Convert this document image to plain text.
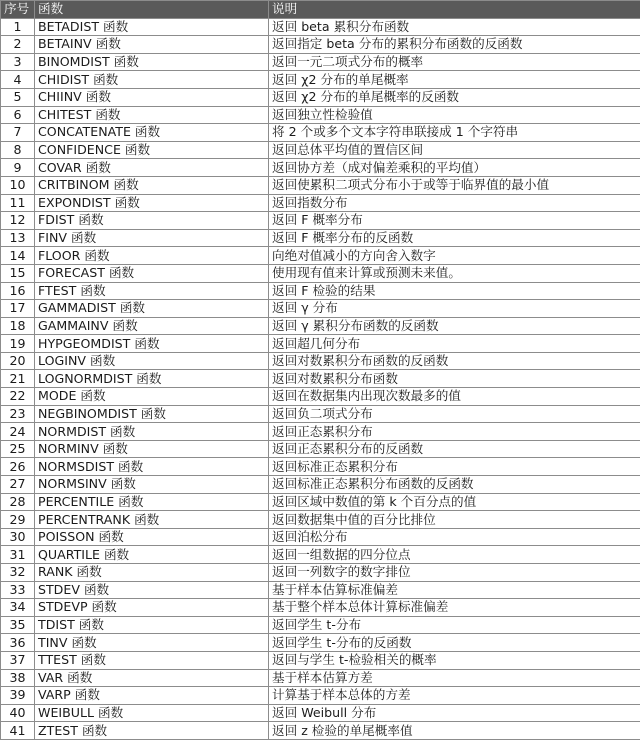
序号	函数	说明
1	BETADIST 函数	返回 beta 累积分布函数
2	BETAINV 函数	返回指定 beta 分布的累积分布函数的反函数
3	BINOMDIST 函数	返回一元二项式分布的概率
4	CHIDIST 函数	返回 χ2 分布的单尾概率
5	CHIINV 函数	返回 χ2 分布的单尾概率的反函数
6	CHITEST 函数	返回独立性检验值
7	CONCATENATE 函数	将 2 个或多个文本字符串联接成 1 个字符串
8	CONFIDENCE 函数	返回总体平均值的置信区间
9	COVAR 函数	返回协方差（成对偏差乘积的平均值）
10	CRITBINOM 函数	返回使累积二项式分布小于或等于临界值的最小值
11	EXPONDIST 函数	返回指数分布
12	FDIST 函数	返回 F 概率分布
13	FINV 函数	返回 F 概率分布的反函数
14	FLOOR 函数	向绝对值减小的方向舍入数字
15	FORECAST 函数	使用现有值来计算或预测未来值。
16	FTEST 函数	返回 F 检验的结果
17	GAMMADIST 函数	返回 γ 分布
18	GAMMAINV 函数	返回 γ 累积分布函数的反函数
19	HYPGEOMDIST 函数	返回超几何分布
20	LOGINV 函数	返回对数累积分布函数的反函数
21	LOGNORMDIST 函数	返回对数累积分布函数
22	MODE 函数	返回在数据集内出现次数最多的值
23	NEGBINOMDIST 函数	返回负二项式分布
24	NORMDIST 函数	返回正态累积分布
25	NORMINV 函数	返回正态累积分布的反函数
26	NORMSDIST 函数	返回标准正态累积分布
27	NORMSINV 函数	返回标准正态累积分布函数的反函数
28	PERCENTILE 函数	返回区域中数值的第 k 个百分点的值
29	PERCENTRANK 函数	返回数据集中值的百分比排位
30	POISSON 函数	返回泊松分布
31	QUARTILE 函数	返回一组数据的四分位点
32	RANK 函数	返回一列数字的数字排位
33	STDEV 函数	基于样本估算标准偏差
34	STDEVP 函数	基于整个样本总体计算标准偏差
35	TDIST 函数	返回学生 t-分布
36	TINV 函数	返回学生 t-分布的反函数
37	TTEST 函数	返回与学生 t-检验相关的概率
38	VAR 函数	基于样本估算方差
39	VARP 函数	计算基于样本总体的方差
40	WEIBULL 函数	返回 Weibull 分布
41	ZTEST 函数	返回 z 检验的单尾概率值
